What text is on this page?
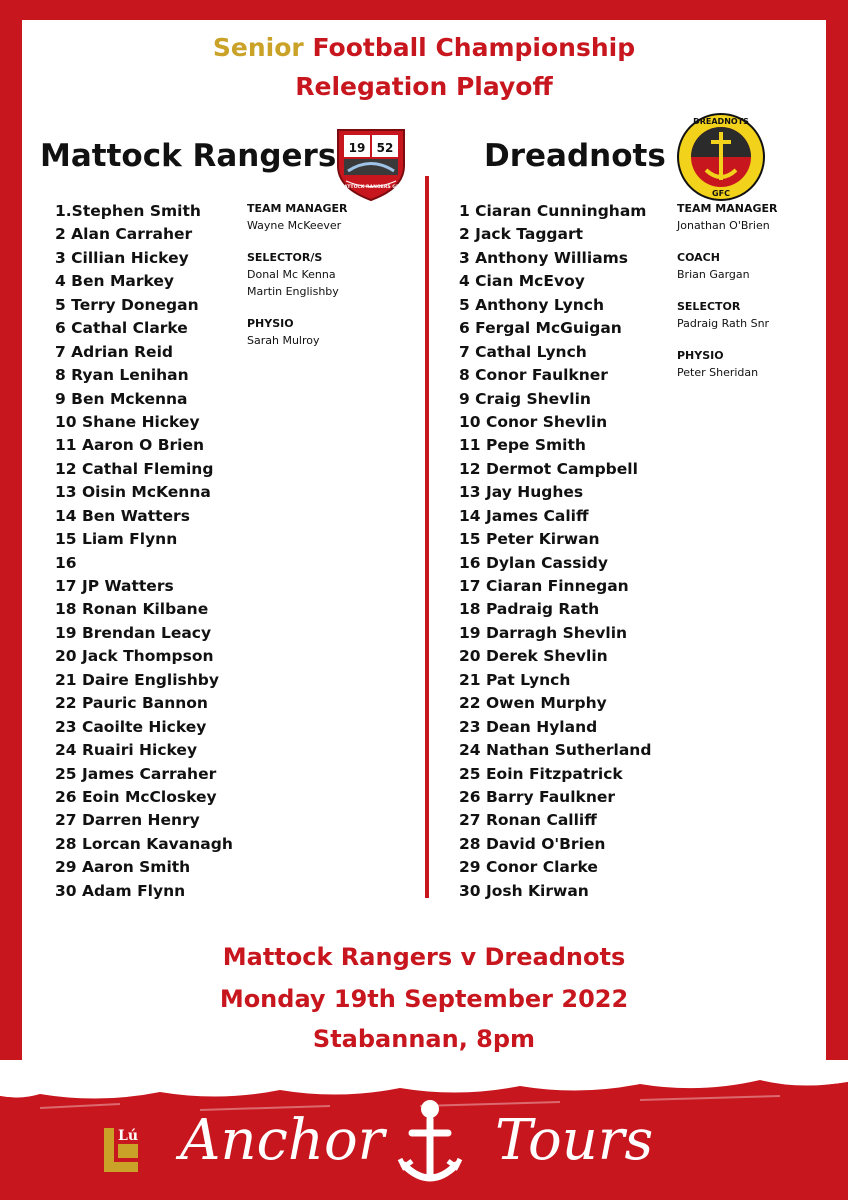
Senior Football Championship
Relegation Playoff
Mattock Rangers 19 52
MATTOCK RANGERS GFC
1.Stephen Smith
2 Alan Carraher
3 Cillian Hickey
4 Ben Markey
5 Terry Donegan
6 Cathal Clarke
7 Adrian Reid
8 Ryan Lenihan
9 Ben Mckenna
10 Shane Hickey
11 Aaron O Brien
12 Cathal Fleming
13 Oisin McKenna
14 Ben Watters
15 Liam Flynn
16
17 JP Watters
18 Ronan Kilbane
19 Brendan Leacy
20 Jack Thompson
21 Daire Englishby
22 Pauric Bannon
23 Caoilte Hickey
24 Ruairi Hickey
25 James Carraher
26 Eoin McCloskey
27 Darren Henry
28 Lorcan Kavanagh
29 Aaron Smith
30 Adam Flynn
TEAM MANAGER
Wayne McKeever
SELECTOR/S
Donal Mc Kenna
Martin Englishby
PHYSIO
Sarah Mulroy
Dreadnots
DREADNOTS
GFC
1 Ciaran Cunningham
2 Jack Taggart
3 Anthony Williams
4 Cian McEvoy
5 Anthony Lynch
6 Fergal McGuigan
7 Cathal Lynch
8 Conor Faulkner
9 Craig Shevlin
10 Conor Shevlin
11 Pepe Smith
12 Dermot Campbell
13 Jay Hughes
14 James Califf
15 Peter Kirwan
16 Dylan Cassidy
17 Ciaran Finnegan
18 Padraig Rath
19 Darragh Shevlin
20 Derek Shevlin
21 Pat Lynch
22 Owen Murphy
23 Dean Hyland
24 Nathan Sutherland
25 Eoin Fitzpatrick
26 Barry Faulkner
27 Ronan Calliff
28 David O'Brien
29 Conor Clarke
30 Josh Kirwan
TEAM MANAGER
Jonathan O'Brien
COACH
Brian Gargan
SELECTOR
Padraig Rath Snr
PHYSIO
Peter Sheridan
Mattock Rangers v Dreadnots
Monday 19th September 2022
Stabannan, 8pm
Lú Anchor Tours
